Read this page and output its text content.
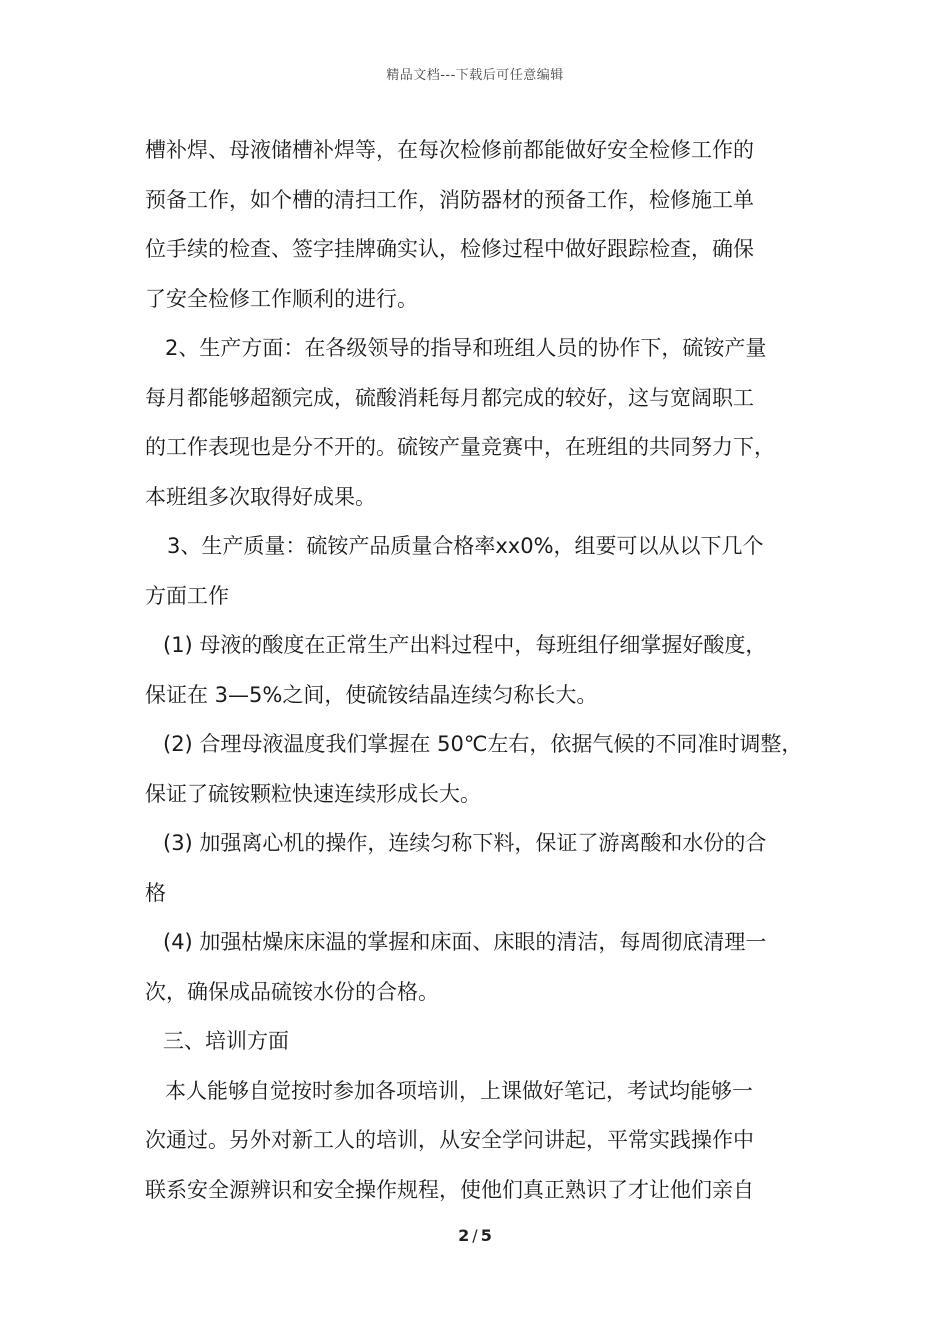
精品文档---下载后可任意编辑
槽补焊、母液储槽补焊等，在每次检修前都能做好安全检修工作的
预备工作，如个槽的清扫工作，消防器材的预备工作，检修施工单
位手续的检查、签字挂牌确实认，检修过程中做好跟踪检查，确保
了安全检修工作顺利的进行。
2、生产方面：在各级领导的指导和班组人员的协作下，硫铵产量
每月都能够超额完成，硫酸消耗每月都完成的较好，这与宽阔职工
的工作表现也是分不开的。硫铵产量竞赛中，在班组的共同努力下，
本班组多次取得好成果。
3、生产质量：硫铵产品质量合格率xx0%，组要可以从以下几个
方面工作
(1) 母液的酸度在正常生产出料过程中，每班组仔细掌握好酸度，
保证在 3—5%之间，使硫铵结晶连续匀称长大。
(2) 合理母液温度我们掌握在 50℃左右，依据气候的不同准时调整，
保证了硫铵颗粒快速连续形成长大。
(3) 加强离心机的操作，连续匀称下料，保证了游离酸和水份的合
格
(4) 加强枯燥床床温的掌握和床面、床眼的清洁，每周彻底清理一
次，确保成品硫铵水份的合格。
三、培训方面
本人能够自觉按时参加各项培训，上课做好笔记，考试均能够一
次通过。另外对新工人的培训，从安全学问讲起，平常实践操作中
联系安全源辨识和安全操作规程，使他们真正熟识了才让他们亲自
2 / 5
